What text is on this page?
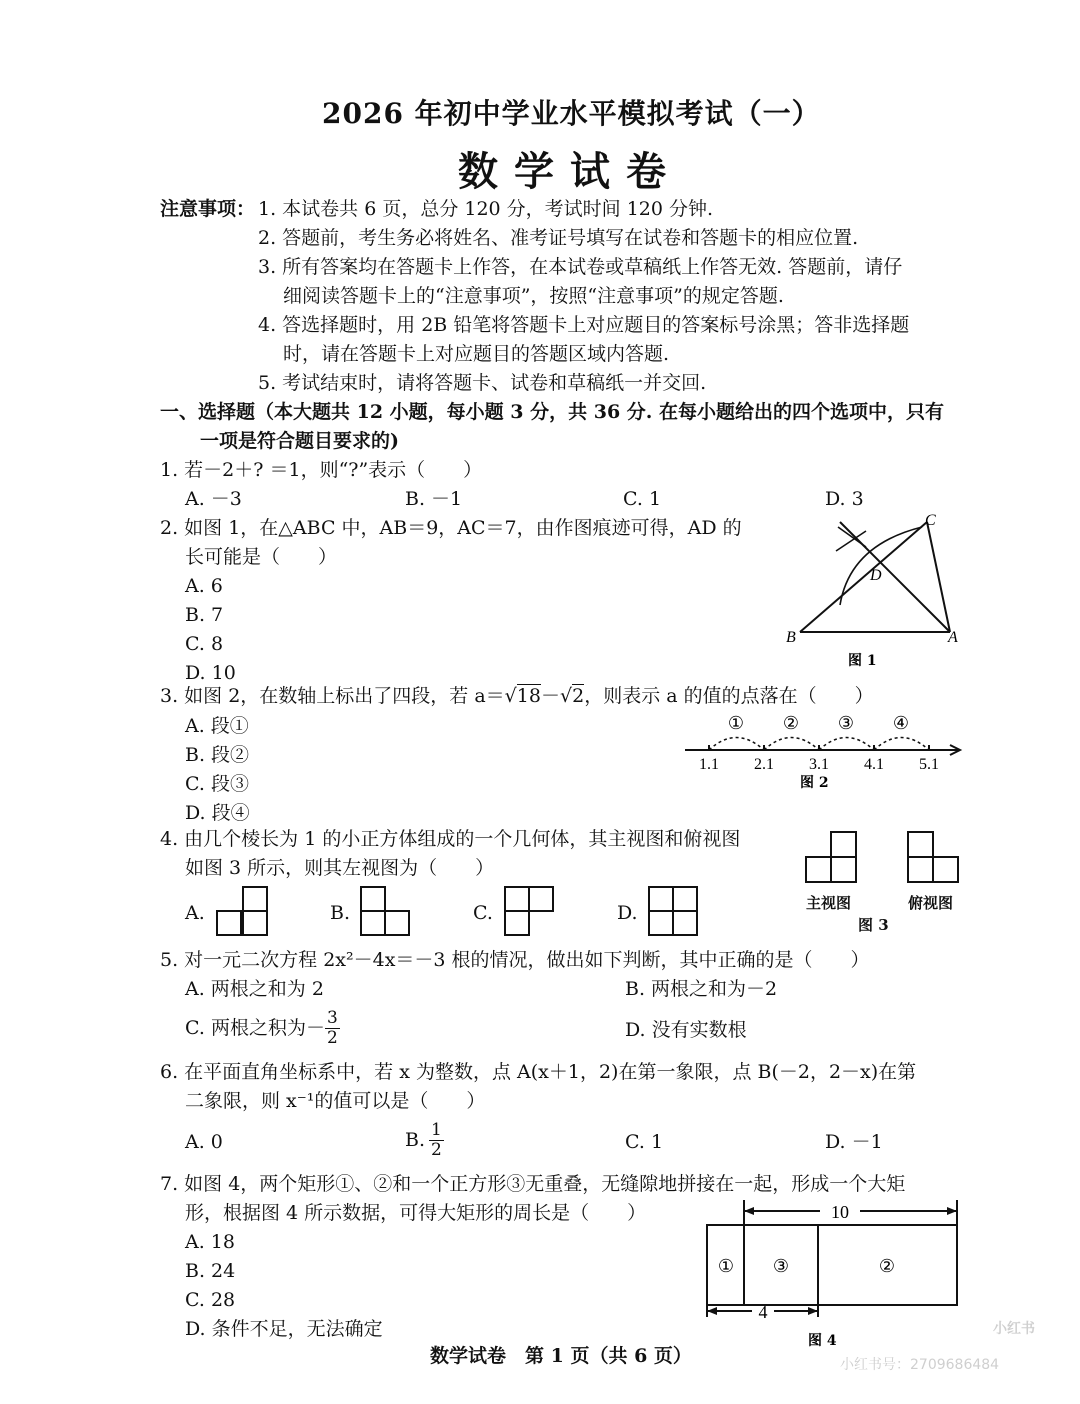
2026 年初中学业水平模拟考试（一）
数学试卷
注意事项： 1. 本试卷共 6 页，总分 120 分，考试时间 120 分钟.
2. 答题前，考生务必将姓名、准考证号填写在试卷和答题卡的相应位置.
3. 所有答案均在答题卡上作答，在本试卷或草稿纸上作答无效. 答题前，请仔
细阅读答题卡上的“注意事项”，按照“注意事项”的规定答题.
4. 答选择题时，用 2B 铅笔将答题卡上对应题目的答案标号涂黑；答非选择题
时，请在答题卡上对应题目的答题区域内答题.
5. 考试结束时，请将答题卡、试卷和草稿纸一并交回.
一、选择题（本大题共 12 小题，每小题 3 分，共 36 分. 在每小题给出的四个选项中，只有
一项是符合题目要求的)
1. 若－2＋? ＝1，则“?”表示（　　）
A. －3	B. －1	C. 1	D. 3
2. 如图 1，在△ABC 中，AB＝9，AC＝7，由作图痕迹可得，AD 的
长可能是（　　）
A. 6
B. 7
C. 8
D. 10
C
D
B	A
图 1
3. 如图 2，在数轴上标出了四段，若 a＝√18－√2，则表示 a 的值的点落在（　　）
A. 段①
B. 段②
C. 段③
D. 段④
① ② ③ ④
1.1 2.1 3.1 4.1 5.1
图 2
4. 由几个棱长为 1 的小正方体组成的一个几何体，其主视图和俯视图
如图 3 所示，则其左视图为（　　）
主视图	俯视图
图 3
A.	B.	C.	D.
5. 对一元二次方程 2x²－4x＝－3 根的情况，做出如下判断，其中正确的是（　　）
A. 两根之和为 2	B. 两根之和为－2
C. 两根之积为－ $\frac{3}{2}$	D. 没有实数根
6. 在平面直角坐标系中，若 x 为整数，点 A(x＋1，2)在第一象限，点 B(－2，2－x)在第
二象限，则 x⁻¹的值可以是（　　）
A. 0	B. $\frac{1}{2}$	C. 1	D. －1
7. 如图 4，两个矩形①、②和一个正方形③无重叠，无缝隙地拼接在一起，形成一个大矩
形，根据图 4 所示数据，可得大矩形的周长是（　　）
A. 18
B. 24
C. 28
D. 条件不足，无法确定
10
4
① ③	②
图 4
数学试卷　第 1 页（共 6 页）
小红书
小红书号：2709686484
